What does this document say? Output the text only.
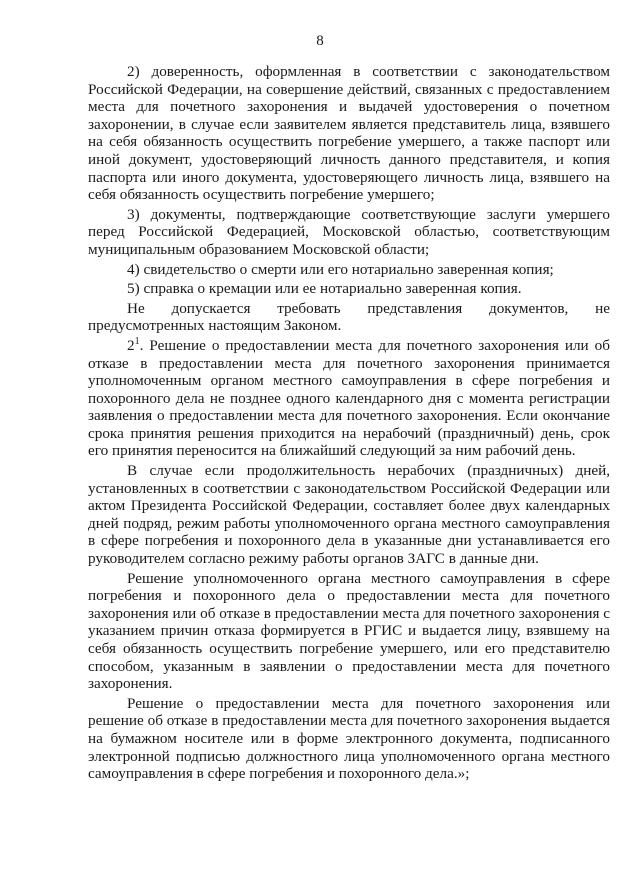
8

2) доверенность, оформленная в соответствии с законодательством Российской Федерации, на совершение действий, связанных с предоставлением места для почетного захоронения и выдачей удостоверения о почетном захоронении, в случае если заявителем является представитель лица, взявшего на себя обязанность осуществить погребение умершего, а также паспорт или иной документ, удостоверяющий личность данного представителя, и копия паспорта или иного документа, удостоверяющего личность лица, взявшего на себя обязанность осуществить погребение умершего;

3) документы, подтверждающие соответствующие заслуги умершего перед Российской Федерацией, Московской областью, соответствующим муниципальным образованием Московской области;

4) свидетельство о смерти или его нотариально заверенная копия;

5) справка о кремации или ее нотариально заверенная копия.

Не допускается требовать представления документов, не предусмотренных настоящим Законом.

$2^1$. Решение о предоставлении места для почетного захоронения или об отказе в предоставлении места для почетного захоронения принимается уполномоченным органом местного самоуправления в сфере погребения и похоронного дела не позднее одного календарного дня с момента регистрации заявления о предоставлении места для почетного захоронения. Если окончание срока принятия решения приходится на нерабочий (праздничный) день, срок его принятия переносится на ближайший следующий за ним рабочий день.

В случае если продолжительность нерабочих (праздничных) дней, установленных в соответствии с законодательством Российской Федерации или актом Президента Российской Федерации, составляет более двух календарных дней подряд, режим работы уполномоченного органа местного самоуправления в сфере погребения и похоронного дела в указанные дни устанавливается его руководителем согласно режиму работы органов ЗАГС в данные дни.

Решение уполномоченного органа местного самоуправления в сфере погребения и похоронного дела о предоставлении места для почетного захоронения или об отказе в предоставлении места для почетного захоронения с указанием причин отказа формируется в РГИС и выдается лицу, взявшему на себя обязанность осуществить погребение умершего, или его представителю способом, указанным в заявлении о предоставлении места для почетного захоронения.

Решение о предоставлении места для почетного захоронения или решение об отказе в предоставлении места для почетного захоронения выдается на бумажном носителе или в форме электронного документа, подписанного электронной подписью должностного лица уполномоченного органа местного самоуправления в сфере погребения и похоронного дела.»;
